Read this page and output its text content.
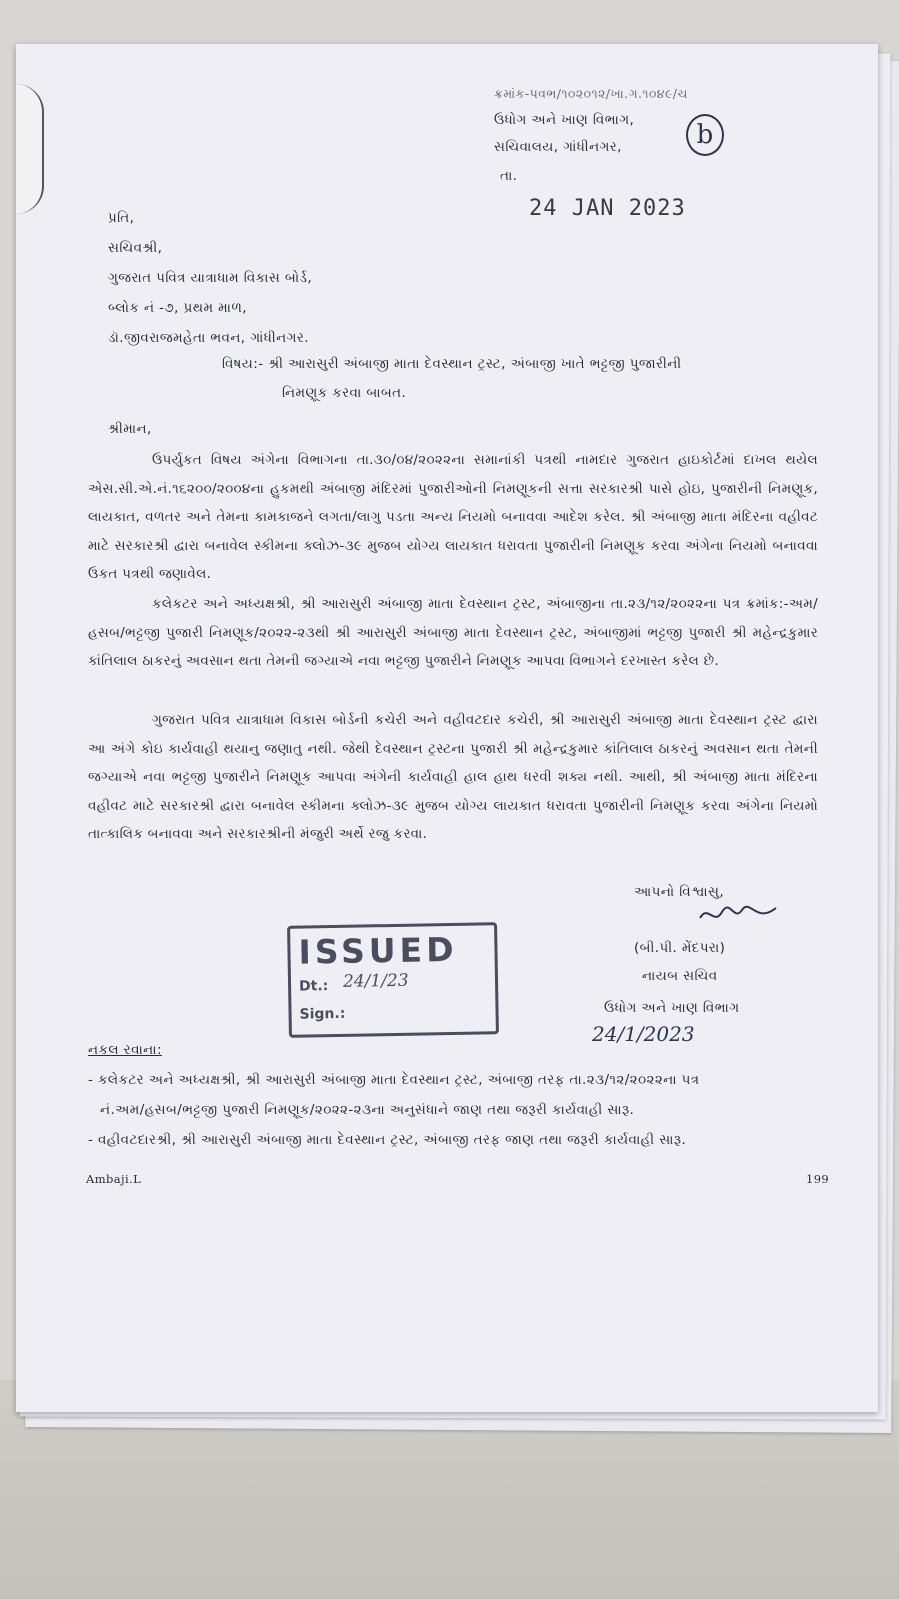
ક્રમાંક-પવભ/૧૦૨૦૧૨/ખા.ગ.૧૦૪૯/ચ
ઉધોગ અને ખાણ વિભાગ,
સચિવાલય, ગાંધીનગર,
તા.
b
24 JAN 2023
પ્રતિ,
સચિવશ્રી,
ગુજરાત પવિત્ર યાત્રાધામ વિકાસ બોર્ડ,
બ્લોક નં -૭, પ્રથમ માળ,
ડૉ.જીવરાજમહેતા ભવન, ગાંધીનગર.
વિષય:- શ્રી આરાસુરી અંબાજી માતા દેવસ્થાન ટ્રસ્ટ, અંબાજી ખાતે ભટ્ટજી પુજારીની
નિમણૂક કરવા બાબત.
શ્રીમાન,
ઉપર્યુકત વિષય અંગેના વિભાગના તા.૩૦/૦૪/૨૦૨૨ના સમાનાંકી પત્રથી નામદાર ગુજરાત હાઇકોર્ટમાં દાખલ થયેલ એસ.સી.એ.નં.૧૬૨૦૦/૨૦૦૪ના હુકમથી અંબાજી મંદિરમાં પુજારીઓની નિમણૂકની સત્તા સરકારશ્રી પાસે હોઇ, પુજારીની નિમણૂક, લાયકાત, વળતર અને તેમના કામકાજને લગતા/લાગુ પડતા અન્ય નિયમો બનાવવા આદેશ કરેલ. શ્રી અંબાજી માતા મંદિરના વહીવટ માટે સરકારશ્રી દ્વારા બનાવેલ સ્કીમના ક્લોઝ-૩૯ મુજબ યોગ્ય લાયકાત ધરાવતા પુજારીની નિમણૂક કરવા અંગેના નિયમો બનાવવા ઉકત પત્રથી જણાવેલ.
કલેકટર અને અધ્યક્ષશ્રી, શ્રી આરાસુરી અંબાજી માતા દેવસ્થાન ટ્રસ્ટ, અંબાજીના તા.૨૩/૧૨/૨૦૨૨ના પત્ર ક્રમાંક:-અમ/હસબ/ભટ્ટજી પુજારી નિમણૂક/૨૦૨૨-૨૩થી શ્રી આરાસુરી અંબાજી માતા દેવસ્થાન ટ્રસ્ટ, અંબાજીમાં ભટ્ટજી પુજારી શ્રી મહેન્દ્રકુમાર કાંતિલાલ ઠાકરનું અવસાન થતા તેમની જગ્યાએ નવા ભટ્ટજી પુજારીને નિમણૂક આપવા વિભાગને દરખાસ્ત કરેલ છે.
ગુજરાત પવિત્ર યાત્રાધામ વિકાસ બોર્ડની કચેરી અને વહીવટદાર કચેરી, શ્રી આરાસુરી અંબાજી માતા દેવસ્થાન ટ્રસ્ટ દ્વારા આ અંગે કોઇ કાર્યવાહી થયાનુ જણાતુ નથી. જેથી દેવસ્થાન ટ્રસ્ટના પુજારી શ્રી મહેન્દ્રકુમાર કાંતિલાલ ઠાકરનું અવસાન થતા તેમની જગ્યાએ નવા ભટ્ટજી પુજારીને નિમણૂક આપવા અંગેની કાર્યવાહી હાલ હાથ ધરવી શક્ય નથી. આથી, શ્રી અંબાજી માતા મંદિરના વહીવટ માટે સરકારશ્રી દ્વારા બનાવેલ સ્કીમના ક્લોઝ-૩૯ મુજબ યોગ્ય લાયકાત ધરાવતા પુજારીની નિમણૂક કરવા અંગેના નિયમો તાત્કાલિક બનાવવા અને સરકારશ્રીની મંજુરી અર્થે રજુ કરવા.
આપનો વિશ્વાસુ,
(બી.પી. મેંદપરા)
નાયબ સચિવ
ઉધોગ અને ખાણ વિભાગ
24/1/2023
ISSUED
Dt.: 24/1/23
Sign.:
નકલ રવાના:
- કલેકટર અને અધ્યક્ષશ્રી, શ્રી આરાસુરી અંબાજી માતા દેવસ્થાન ટ્રસ્ટ, અંબાજી તરફ તા.૨૩/૧૨/૨૦૨૨ના પત્ર
નં.અમ/હસબ/ભટ્ટજી પુજારી નિમણૂક/૨૦૨૨-૨૩ના અનુસંધાને જાણ તથા જરૂરી કાર્યવાહી સારૂ.
- વહીવટદારશ્રી, શ્રી આરાસુરી અંબાજી માતા દેવસ્થાન ટ્રસ્ટ, અંબાજી તરફ જાણ તથા જરૂરી કાર્યવાહી સારૂ.
Ambaji.L	199
